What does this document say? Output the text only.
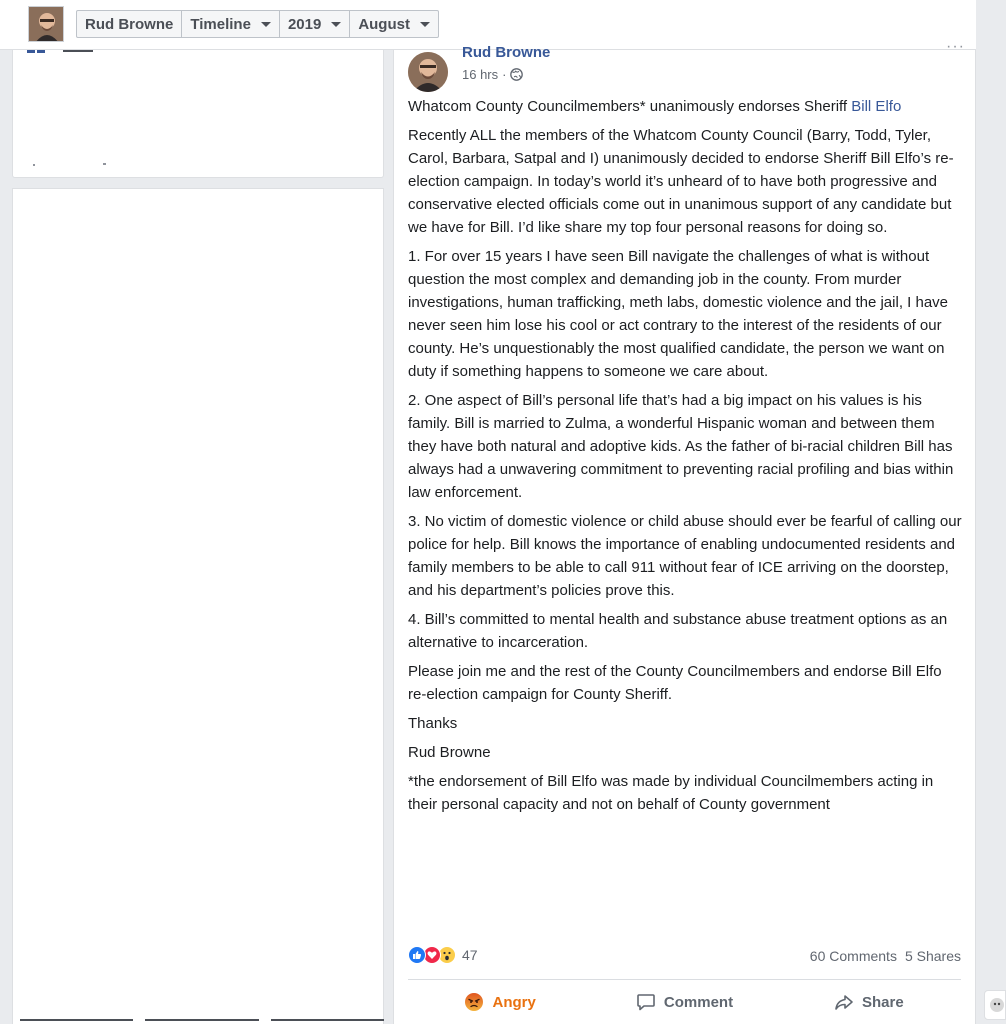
Rud Browne Timeline 2019 August
Rud Browne
16 hrs ·
···

Whatcom County Councilmembers* unanimously endorses Sheriff Bill Elfo

Recently ALL the members of the Whatcom County Council (Barry, Todd, Tyler, Carol, Barbara, Satpal and I) unanimously decided to endorse Sheriff Bill Elfo’s re-election campaign. In today’s world it’s unheard of to have both progressive and conservative elected officials come out in unanimous support of any candidate but we have for Bill. I’d like share my top four personal reasons for doing so.

1. For over 15 years I have seen Bill navigate the challenges of what is without question the most complex and demanding job in the county. From murder investigations, human trafficking, meth labs, domestic violence and the jail, I have never seen him lose his cool or act contrary to the interest of the residents of our county. He’s unquestionably the most qualified candidate, the person we want on duty if something happens to someone we care about.

2. One aspect of Bill’s personal life that’s had a big impact on his values is his family. Bill is married to Zulma, a wonderful Hispanic woman and between them they have both natural and adoptive kids. As the father of bi-racial children Bill has always had a unwavering commitment to preventing racial profiling and bias within law enforcement.

3. No victim of domestic violence or child abuse should ever be fearful of calling our police for help. Bill knows the importance of enabling undocumented residents and family members to be able to call 911 without fear of ICE arriving on the doorstep, and his department’s policies prove this.

4. Bill’s committed to mental health and substance abuse treatment options as an alternative to incarceration.

Please join me and the rest of the County Councilmembers and endorse Bill Elfo re-election campaign for County Sheriff.

Thanks

Rud Browne

*the endorsement of Bill Elfo was made by individual Councilmembers acting in their personal capacity and not on behalf of County government

47	60 Comments 5 Shares
Angry	Comment	Share
